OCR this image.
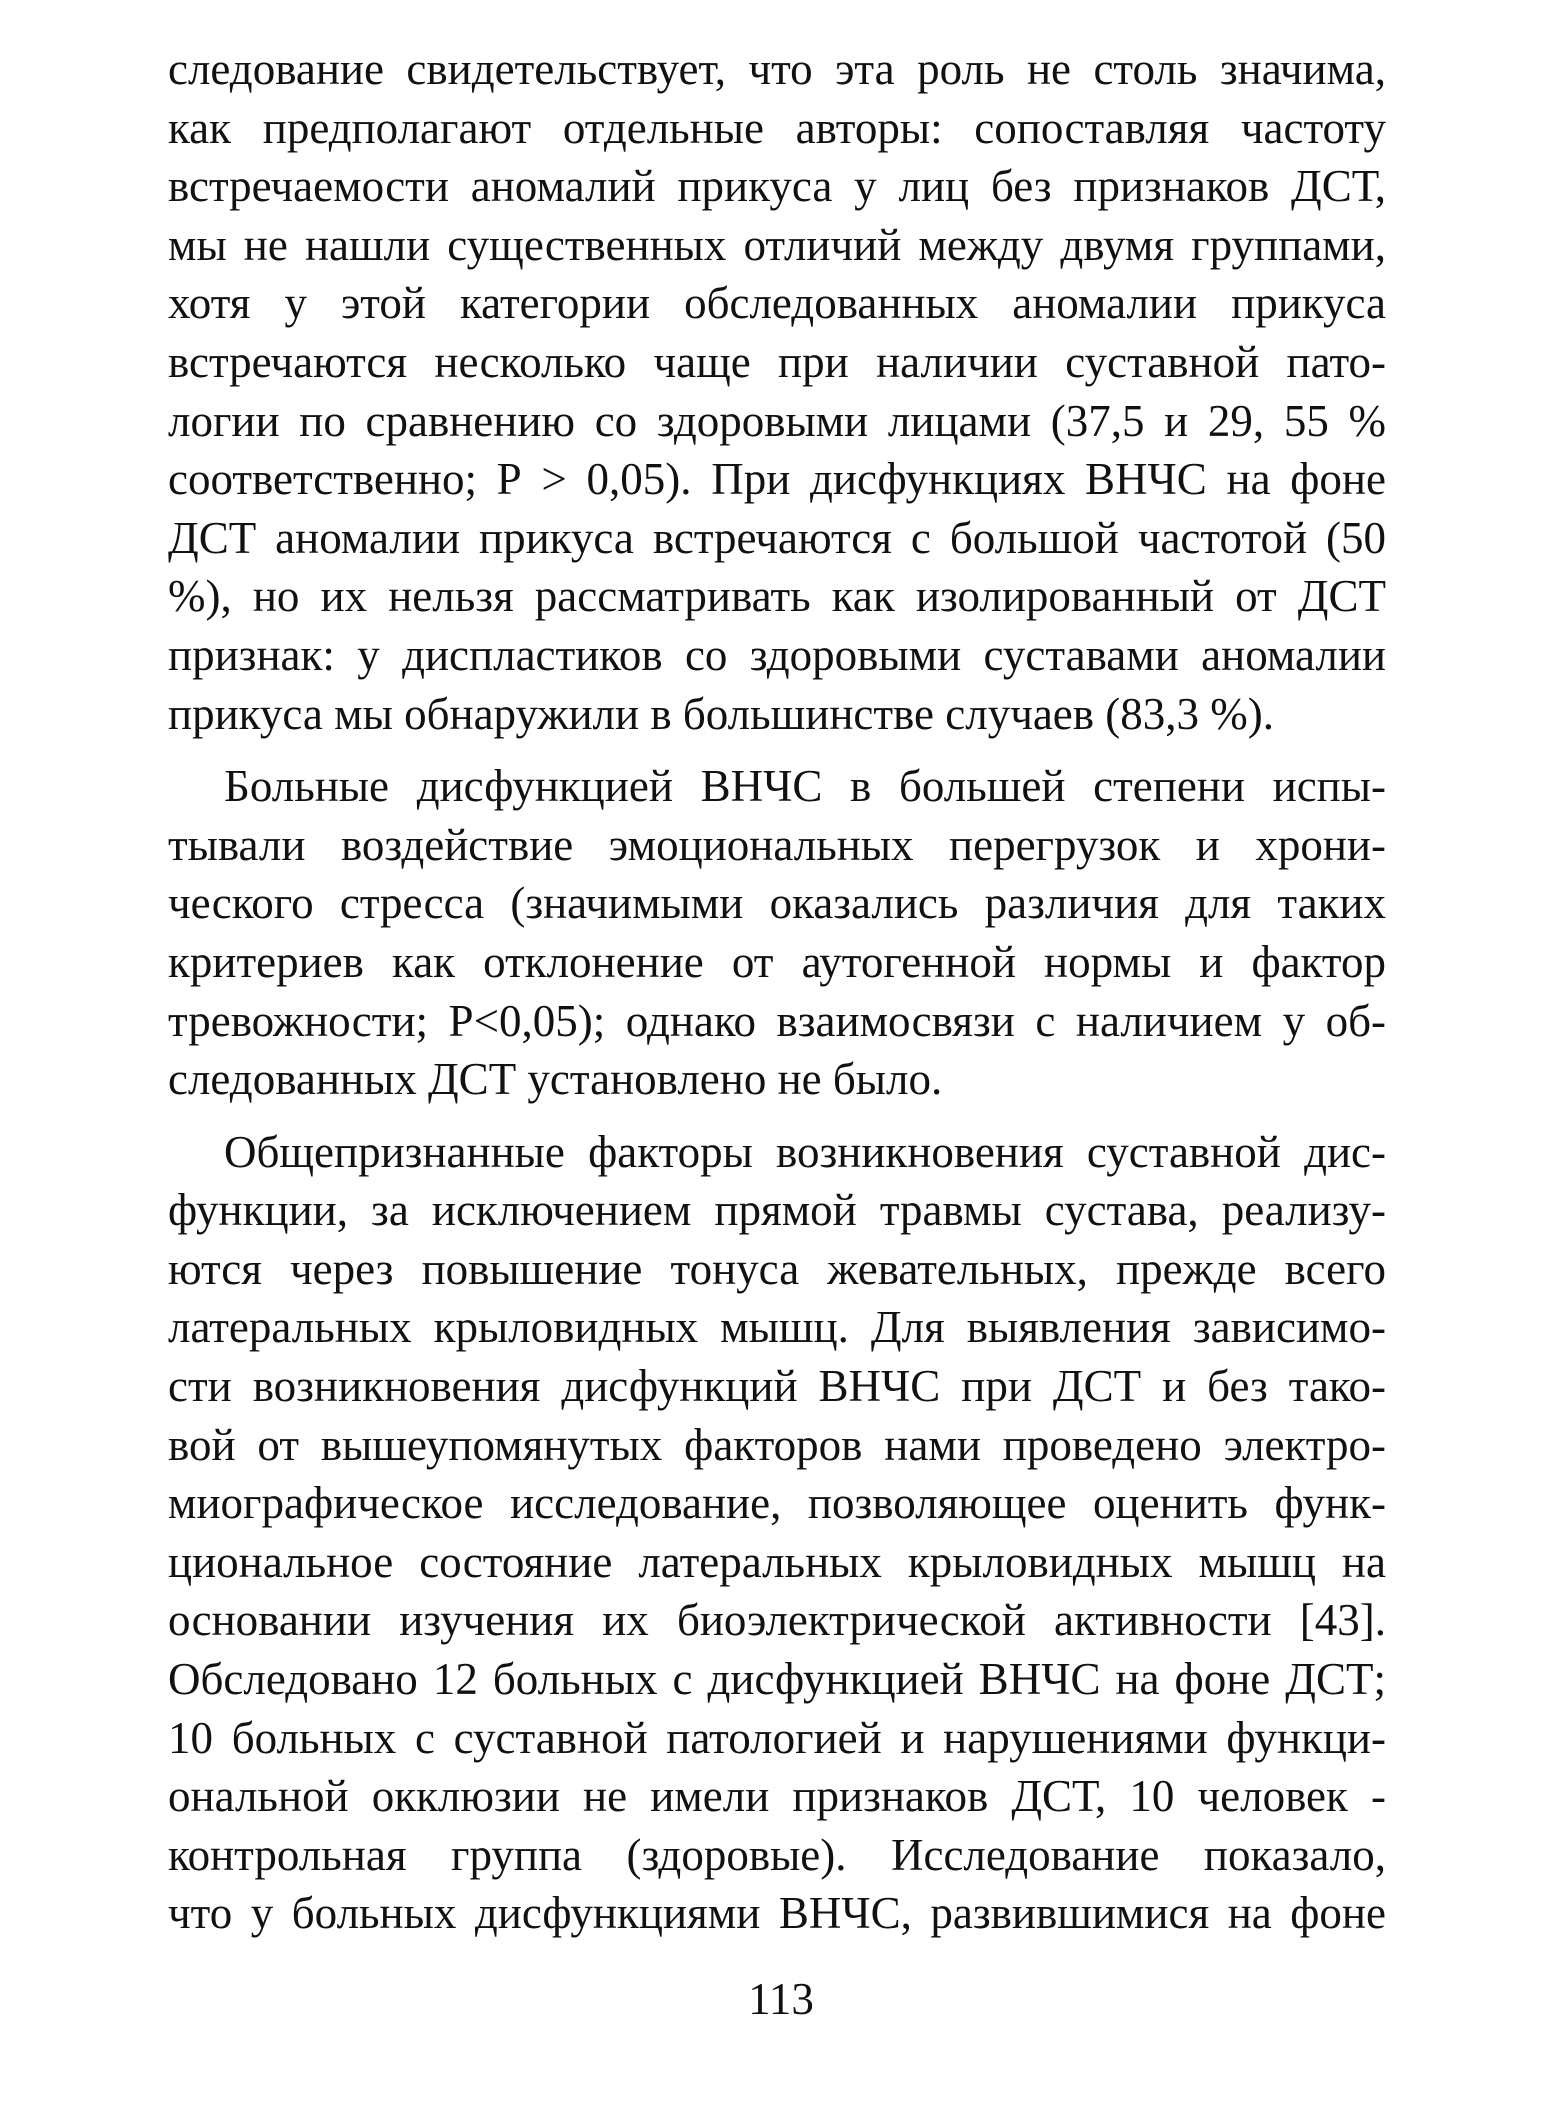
следование свидетельствует, что эта роль не столь значима,
как предполагают отдельные авторы: сопоставляя частоту
встречаемости аномалий прикуса у лиц без признаков ДСТ,
мы не нашли существенных отличий между двумя группами,
хотя у этой категории обследованных аномалии прикуса
встречаются несколько чаще при наличии суставной пато-
логии по сравнению со здоровыми лицами (37,5 и 29, 55 %
соответственно; Р > 0,05). При дисфункциях ВНЧС на фоне
ДСТ аномалии прикуса встречаются с большой частотой (50
%), но их нельзя рассматривать как изолированный от ДСТ
признак: у диспластиков со здоровыми суставами аномалии
прикуса мы обнаружили в большинстве случаев (83,3 %).
Больные дисфункцией ВНЧС в большей степени испы-
тывали воздействие эмоциональных перегрузок и хрони-
ческого стресса (значимыми оказались различия для таких
критериев как отклонение от аутогенной нормы и фактор
тревожности; Р<0,05); однако взаимосвязи с наличием у об-
следованных ДСТ установлено не было.
Общепризнанные факторы возникновения суставной дис-
функции, за исключением прямой травмы сустава, реализу-
ются через повышение тонуса жевательных, прежде всего
латеральных крыловидных мышц. Для выявления зависимо-
сти возникновения дисфункций ВНЧС при ДСТ и без тако-
вой от вышеупомянутых факторов нами проведено электро-
миографическое исследование, позволяющее оценить функ-
циональное состояние латеральных крыловидных мышц на
основании изучения их биоэлектрической активности [43].
Обследовано 12 больных с дисфункцией ВНЧС на фоне ДСТ;
10 больных с суставной патологией и нарушениями функци-
ональной окклюзии не имели признаков ДСТ, 10 человек -
контрольная группа (здоровые). Исследование показало,
что у больных дисфункциями ВНЧС, развившимися на фоне
113
